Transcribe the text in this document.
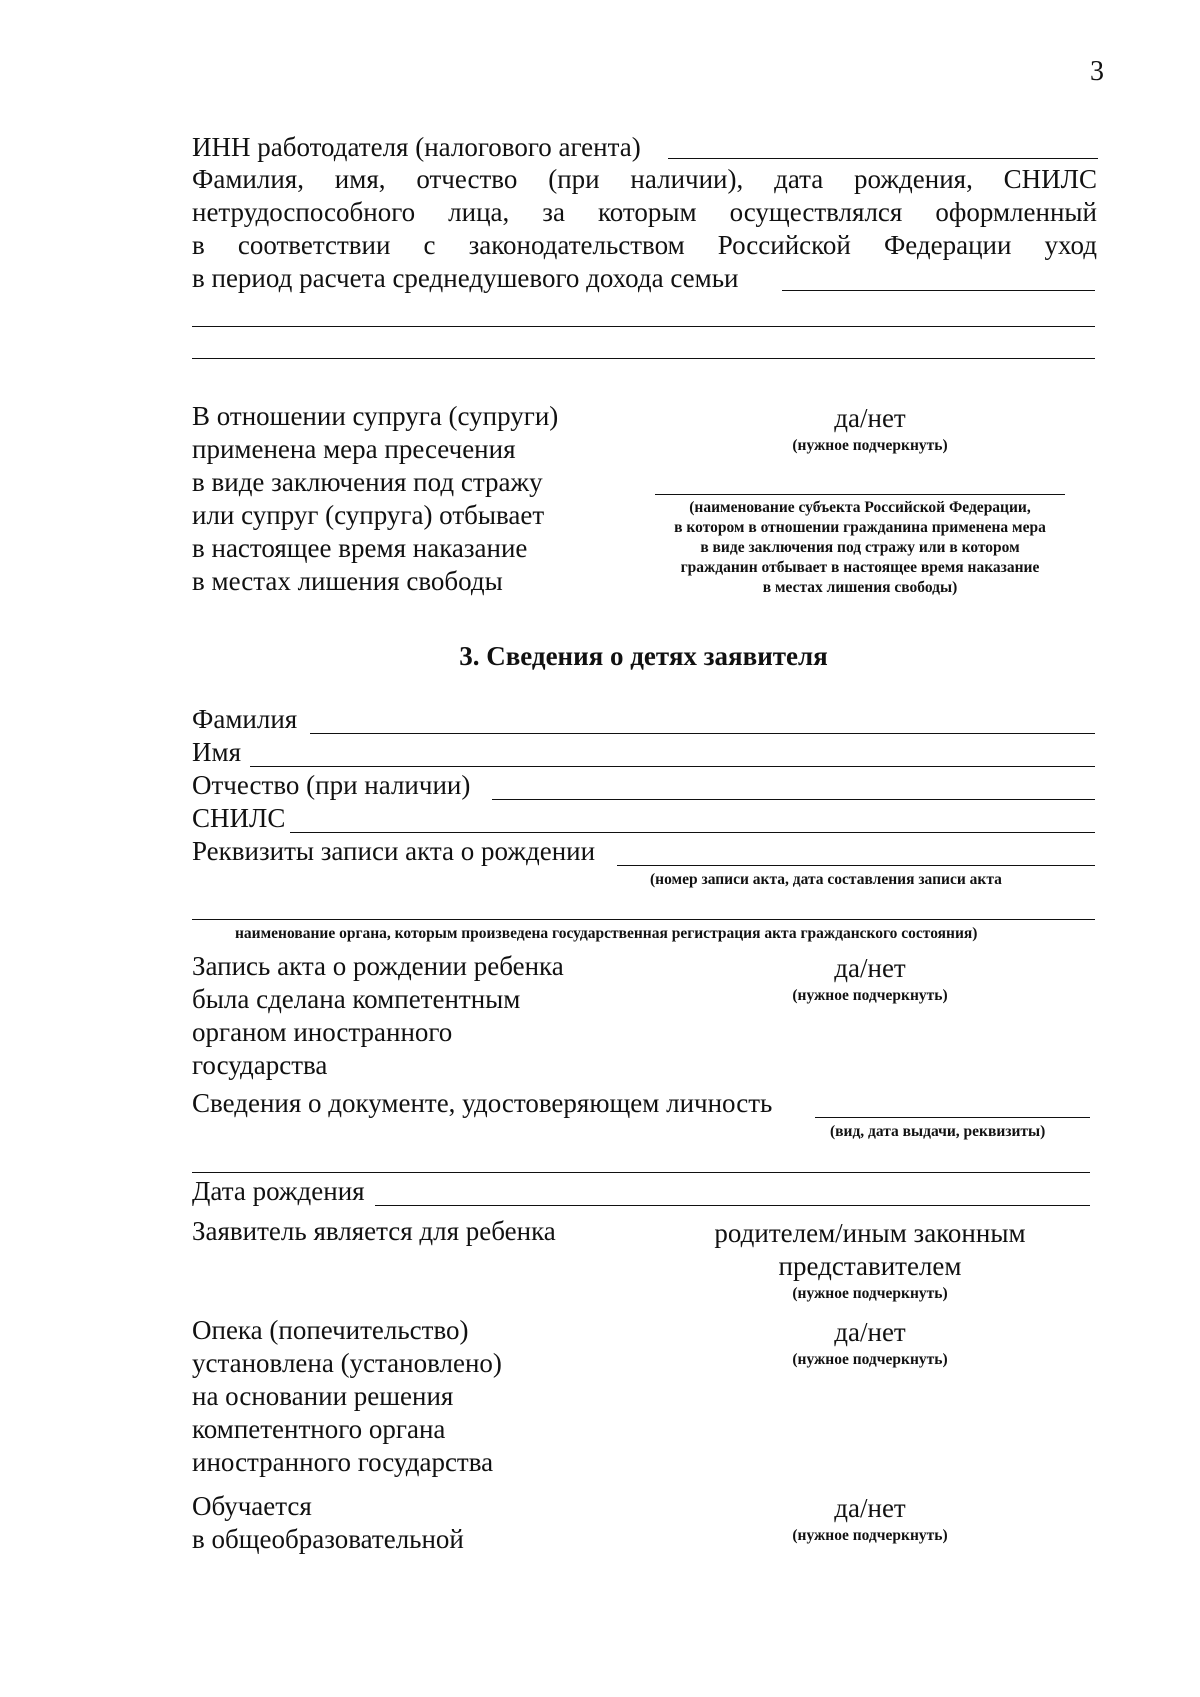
3
ИНН работодателя (налогового агента)
Фамилия, имя, отчество (при наличии), дата рождения, СНИЛС
нетрудоспособного лица, за которым осуществлялся оформленный
в соответствии с законодательством Российской Федерации уход
в период расчета среднедушевого дохода семьи
В отношении супруга (супруги)
применена мера пресечения
в виде заключения под стражу
или супруг (супруга) отбывает
в настоящее время наказание
в местах лишения свободы
да/нет
(нужное подчеркнуть)
(наименование субъекта Российской Федерации,
в котором в отношении гражданина применена мера
в виде заключения под стражу или в котором
гражданин отбывает в настоящее время наказание
в местах лишения свободы)
3. Сведения о детях заявителя
Фамилия
Имя
Отчество (при наличии)
СНИЛС
Реквизиты записи акта о рождении
(номер записи акта, дата составления записи акта
наименование органа, которым произведена государственная регистрация акта гражданского состояния)
Запись акта о рождении ребенка
была сделана компетентным
органом иностранного
государства
да/нет
(нужное подчеркнуть)
Сведения о документе, удостоверяющем личность
(вид, дата выдачи, реквизиты)
Дата рождения
Заявитель является для ребенка	родителем/иным законным
представителем
(нужное подчеркнуть)
Опека (попечительство)
установлена (установлено)
на основании решения
компетентного органа
иностранного государства
да/нет
(нужное подчеркнуть)
Обучается
в общеобразовательной
да/нет
(нужное подчеркнуть)
